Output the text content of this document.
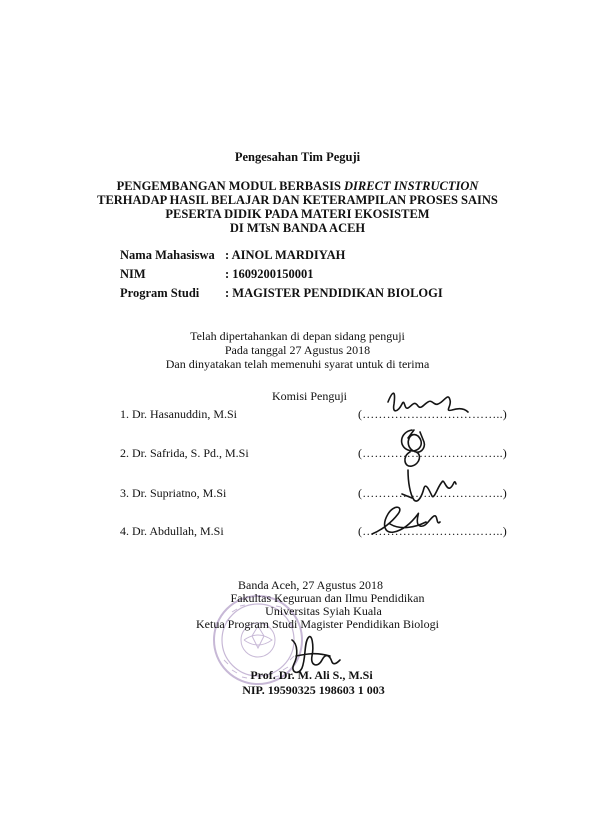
Pengesahan Tim Peguji
PENGEMBANGAN MODUL BERBASIS DIRECT INSTRUCTION
TERHADAP HASIL BELAJAR DAN KETERAMPILAN PROSES SAINS
PESERTA DIDIK PADA MATERI EKOSISTEM
DI MTsN BANDA ACEH
Nama Mahasiswa : AINOL MARDIYAH
NIM	: 1609200150001
Program Studi : MAGISTER PENDIDIKAN BIOLOGI
Telah dipertahankan di depan sidang penguji
Pada tanggal 27 Agustus 2018
Dan dinyatakan telah memenuhi syarat untuk di terima
Komisi Penguji
1. Dr. Hasanuddin, M.Si	(……………………………..)
2. Dr. Safrida, S. Pd., M.Si	(……………………………..)
3. Dr. Supriatno, M.Si	(……………………………..)
4. Dr. Abdullah, M.Si	(……………………………..)
Banda Aceh, 27 Agustus 2018
Fakultas Keguruan dan Ilmu Pendidikan
Universitas Syiah Kuala
Ketua Program Studi Magister Pendidikan Biologi
Prof. Dr. M. Ali S., M.Si
NIP. 19590325 198603 1 003
